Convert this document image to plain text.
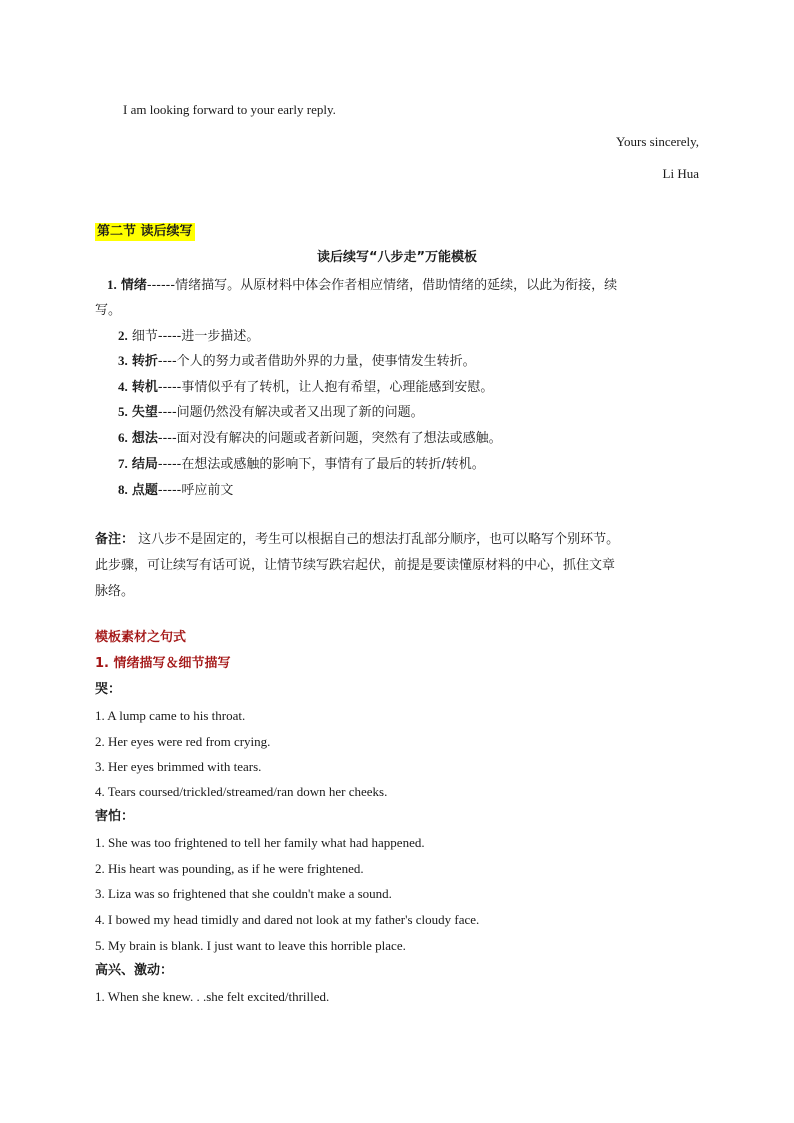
I am looking forward to your early reply.
Yours sincerely,
Li Hua
第二节 读后续写
读后续写“八步走”万能模板
1. 情绪------情绪描写。从原材料中体会作者相应情绪，借助情绪的延续，以此为衔接，续
写。
2. 细节-----进一步描述。
3. 转折----个人的努力或者借助外界的力量，使事情发生转折。
4. 转机-----事情似乎有了转机，让人抱有希望，心理能感到安慰。
5. 失望----问题仍然没有解决或者又出现了新的问题。
6. 想法----面对没有解决的问题或者新问题，突然有了想法或感触。
7. 结局-----在想法或感触的影响下，事情有了最后的转折/转机。
8. 点题-----呼应前文
备注： 这八步不是固定的，考生可以根据自己的想法打乱部分顺序，也可以略写个别环节。
此步骤，可让续写有话可说，让情节续写跌宕起伏，前提是要读懂原材料的中心，抓住文章
脉络。
模板素材之句式
1. 情绪描写＆细节描写
哭：
1. A lump came to his throat.
2. Her eyes were red from crying.
3. Her eyes brimmed with tears.
4. Tears coursed/trickled/streamed/ran down her cheeks.
害怕：
1. She was too frightened to tell her family what had happened.
2. His heart was pounding, as if he were frightened.
3. Liza was so frightened that she couldn't make a sound.
4. I bowed my head timidly and dared not look at my father's cloudy face.
5. My brain is blank. I just want to leave this horrible place.
高兴、激动：
1. When she knew. . .she felt excited/thrilled.
